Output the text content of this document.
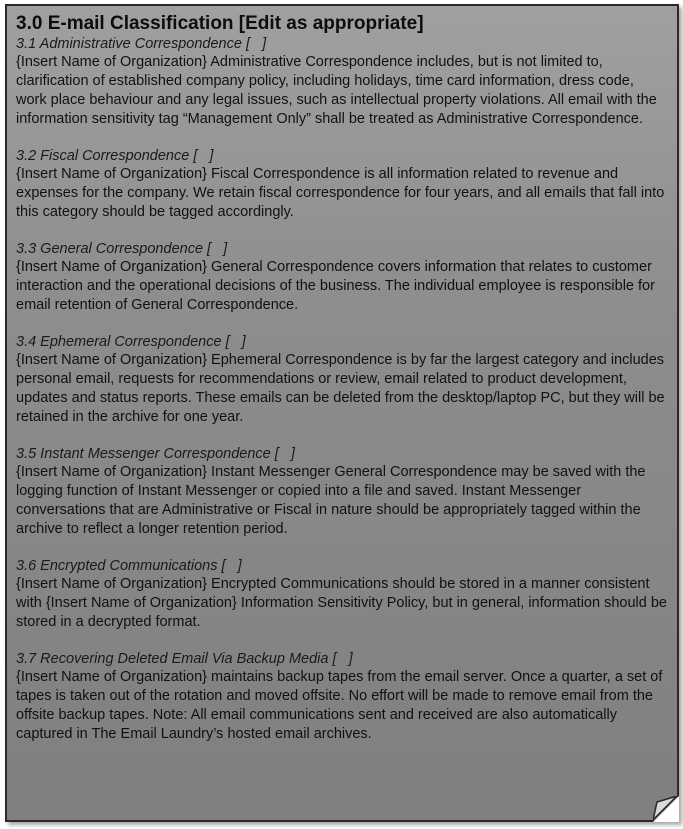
3.0 E-mail Classification [Edit as appropriate]
3.1 Administrative Correspondence [   ]
{Insert Name of Organization} Administrative Correspondence includes, but is not limited to, clarification of established company policy, including holidays, time card information, dress code, work place behaviour and any legal issues, such as intellectual property violations. All email with the information sensitivity tag “Management Only” shall be treated as Administrative Correspondence.
3.2 Fiscal Correspondence [   ]
{Insert Name of Organization} Fiscal Correspondence is all information related to revenue and expenses for the company. We retain fiscal correspondence for four years, and all emails that fall into this category should be tagged accordingly.
3.3 General Correspondence [   ]
{Insert Name of Organization} General Correspondence covers information that relates to customer interaction and the operational decisions of the business. The individual employee is responsible for email retention of General Correspondence.
3.4 Ephemeral Correspondence [   ]
{Insert Name of Organization} Ephemeral Correspondence is by far the largest category and includes personal email, requests for recommendations or review, email related to product development, updates and status reports. These emails can be deleted from the desktop/laptop PC, but they will be retained in the archive for one year.
3.5 Instant Messenger Correspondence [   ]
{Insert Name of Organization} Instant Messenger General Correspondence may be saved with the logging function of Instant Messenger or copied into a file and saved. Instant Messenger conversations that are Administrative or Fiscal in nature should be appropriately tagged within the archive to reflect a longer retention period.
3.6 Encrypted Communications [   ]
{Insert Name of Organization} Encrypted Communications should be stored in a manner consistent with {Insert Name of Organization} Information Sensitivity Policy, but in general, information should be stored in a decrypted format.
3.7 Recovering Deleted Email Via Backup Media [   ]
{Insert Name of Organization} maintains backup tapes from the email server. Once a quarter, a set of tapes is taken out of the rotation and moved offsite. No effort will be made to remove email from the offsite backup tapes. Note: All email communications sent and received are also automatically captured in The Email Laundry’s hosted email archives.
